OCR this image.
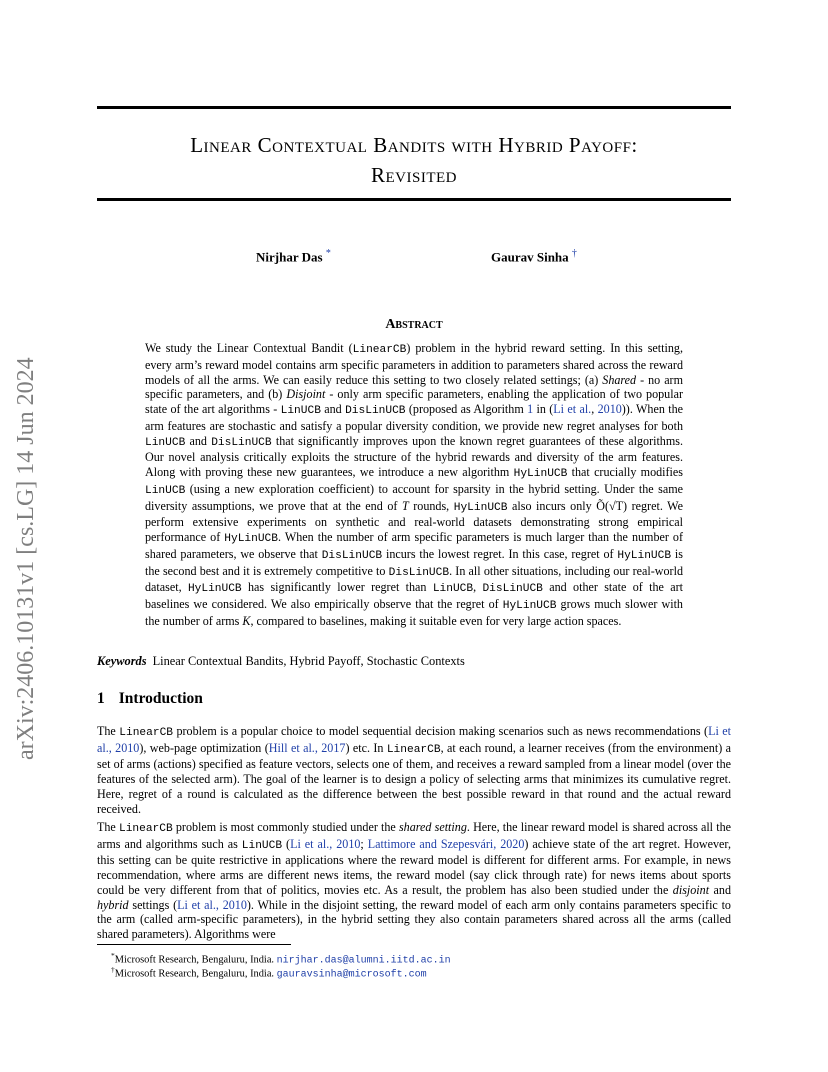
Linear Contextual Bandits with Hybrid Payoff:
Revisited
Nirjhar Das *	Gaurav Sinha †
arXiv:2406.10131v1 [cs.LG] 14 Jun 2024
Abstract
We study the Linear Contextual Bandit (LinearCB) problem in the hybrid reward setting. In this setting, every arm’s reward model contains arm specific parameters in addition to parameters shared across the reward models of all the arms. We can easily reduce this setting to two closely related settings; (a) Shared - no arm specific parameters, and (b) Disjoint - only arm specific parameters, enabling the application of two popular state of the art algorithms - LinUCB and DisLinUCB (proposed as Algorithm 1 in (Li et al., 2010)). When the arm features are stochastic and satisfy a popular diversity condition, we provide new regret analyses for both LinUCB and DisLinUCB that significantly improves upon the known regret guarantees of these algorithms. Our novel analysis critically exploits the structure of the hybrid rewards and diversity of the arm features. Along with proving these new guarantees, we introduce a new algorithm HyLinUCB that crucially modifies LinUCB (using a new exploration coefficient) to account for sparsity in the hybrid setting. Under the same diversity assumptions, we prove that at the end of T rounds, HyLinUCB also incurs only Õ(√T) regret. We perform extensive experiments on synthetic and real-world datasets demonstrating strong empirical performance of HyLinUCB. When the number of arm specific parameters is much larger than the number of shared parameters, we observe that DisLinUCB incurs the lowest regret. In this case, regret of HyLinUCB is the second best and it is extremely competitive to DisLinUCB. In all other situations, including our real-world dataset, HyLinUCB has significantly lower regret than LinUCB, DisLinUCB and other state of the art baselines we considered. We also empirically observe that the regret of HyLinUCB grows much slower with the number of arms K, compared to baselines, making it suitable even for very large action spaces.
Keywords Linear Contextual Bandits, Hybrid Payoff, Stochastic Contexts
1 Introduction
The LinearCB problem is a popular choice to model sequential decision making scenarios such as news recommendations (Li et al., 2010), web-page optimization (Hill et al., 2017) etc. In LinearCB, at each round, a learner receives (from the environment) a set of arms (actions) specified as feature vectors, selects one of them, and receives a reward sampled from a linear model (over the features of the selected arm). The goal of the learner is to design a policy of selecting arms that minimizes its cumulative regret. Here, regret of a round is calculated as the difference between the best possible reward in that round and the actual reward received.
The LinearCB problem is most commonly studied under the shared setting. Here, the linear reward model is shared across all the arms and algorithms such as LinUCB (Li et al., 2010; Lattimore and Szepesvári, 2020) achieve state of the art regret. However, this setting can be quite restrictive in applications where the reward model is different for different arms. For example, in news recommendation, where arms are different news items, the reward model (say click through rate) for news items about sports could be very different from that of politics, movies etc. As a result, the problem has also been studied under the disjoint and hybrid settings (Li et al., 2010). While in the disjoint setting, the reward model of each arm only contains parameters specific to the arm (called arm-specific parameters), in the hybrid setting they also contain parameters shared across all the arms (called shared parameters). Algorithms were
*Microsoft Research, Bengaluru, India. nirjhar.das@alumni.iitd.ac.in
†Microsoft Research, Bengaluru, India. gauravsinha@microsoft.com
